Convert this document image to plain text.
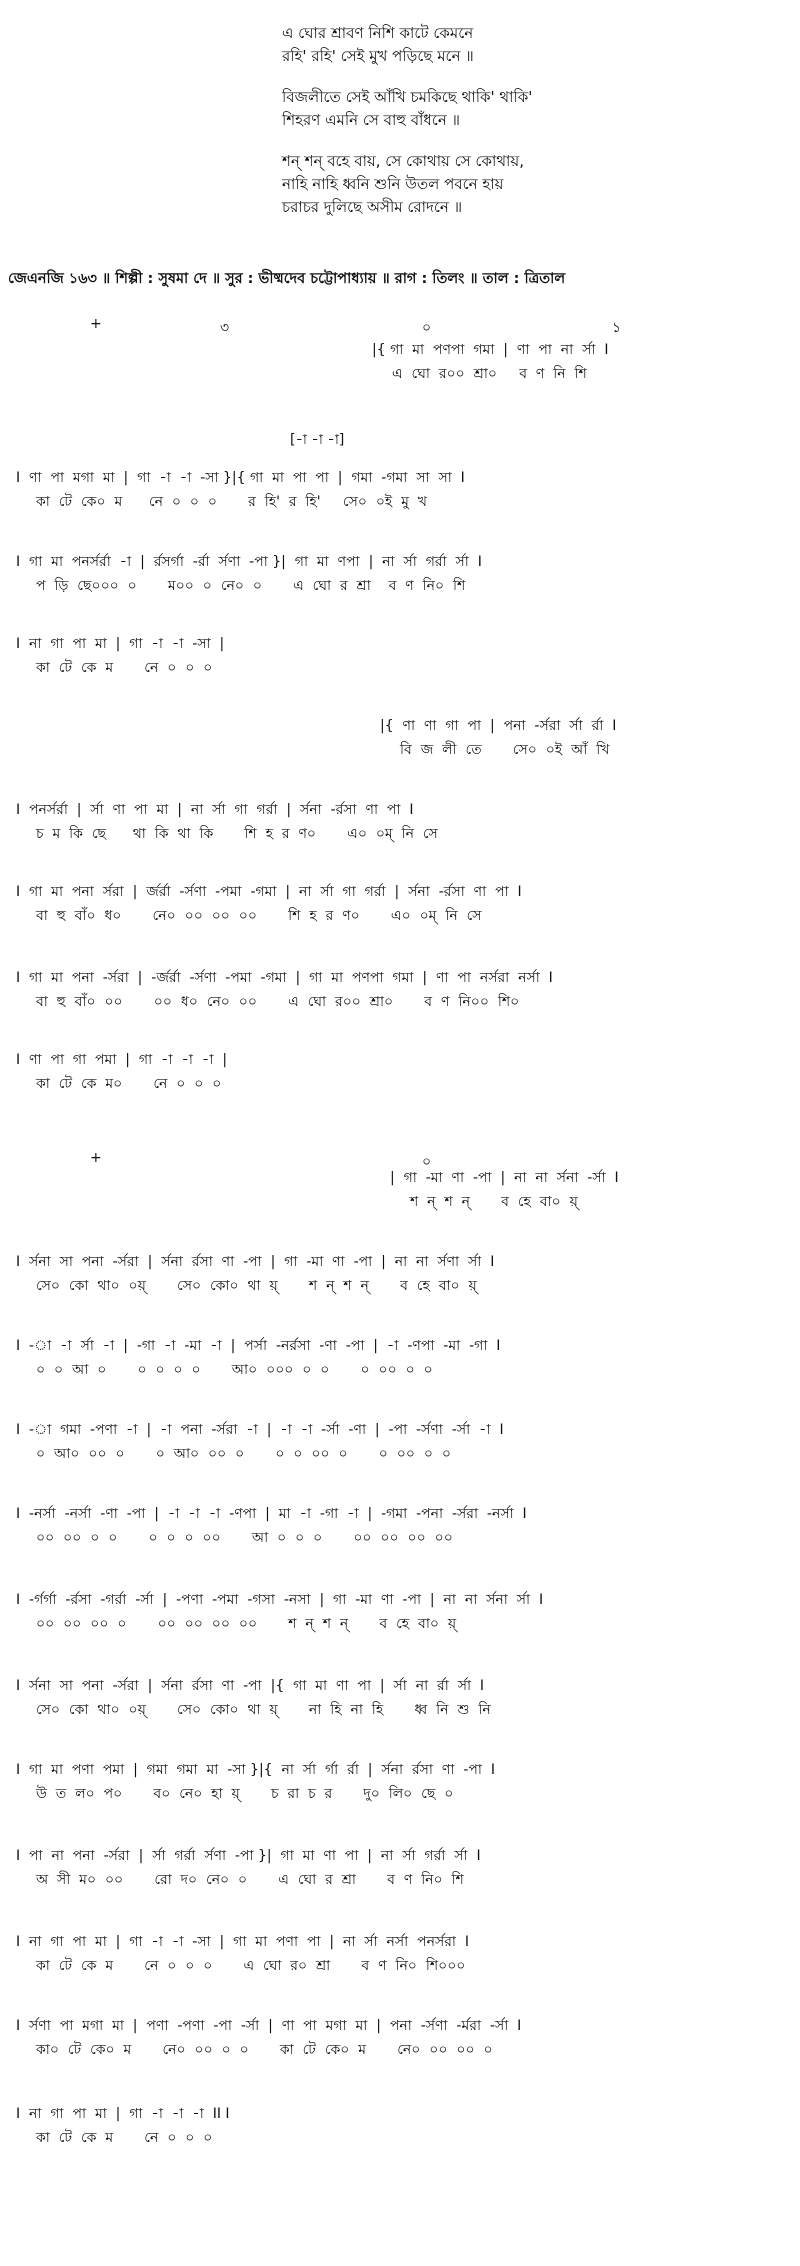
এ ঘোর শ্রাবণ নিশি কাটে কেমনে
রহি' রহি' সেই মুখ পড়িছে মনে ॥
বিজলীতে সেই আঁখি চমকিছে থাকি' থাকি'
শিহরণ এমনি সে বাহু বাঁধনে ॥
শন্‌ শন্‌ বহে বায়, সে কোথায় সে কোথায়,
নাহি নাহি ধ্বনি শুনি উতল পবনে হায়
চরাচর দুলিছে অসীম রোদনে ॥
জেএনজি ১৬৩ ॥ শিল্পী : সুষমা দে ॥ সুর : ভীষ্মদেব চট্টোপাধ্যায় ॥ রাগ : তিলং ॥ তাল : ত্রিতাল
+	৩	০	১
[-া -া -া]
+	০
|{ গা  মা  পণপা  গমা  |  ণা  পা  না  র্সা  I
এ  ঘো  র০০  শ্রা০     ব  ণ  নি  শি
I  ণা  পা  মগা  মা  |  গা  -া  -া  -সা }|{ গা  মা  পা  পা  |  গমা  -গমা  সা  সা  I
কা  টে  কে০  ম      নে  ০  ০  ০       র  হি'  র  হি'     সে০  ০ই  মু  খ
I  গা  মা  পনর্সর্রা  -া  |  র্রসর্গা  -র্রা  র্সণা  -পা }|  গা  মা  ণপা  |  না  র্সা  গর্রা  র্সা  I
প  ড়ি  ছে০০০  ০       ম০০  ০  নে০  ০       এ  ঘো  র  শ্রা    ব  ণ  নি০  শি
I  না  গা  পা  মা  |  গা  -া  -া  -সা  |
কা  টে  কে  ম       নে  ০  ০  ০
|{  ণা  ণা  গা  পা  |  পনা  -র্সরা  র্সা  র্রা  I
বি  জ  লী  তে       সে০  ০ই  আঁ  খি
I  পনর্সর্রা  |  র্সা  ণা  পা  মা  |  না  র্সা  গা  গর্রা  |  র্সনা  -র্রসা  ণা  পা  I
চ  ম  কি  ছে      থা  কি  থা  কি       শি  হ  র  ণ০       এ০  ০ম্‌  নি  সে
I  গা  মা  পনা  র্সরা  |  র্জর্রা  -র্সণা  -পমা  -গমা  |  না  র্সা  গা  গর্রা  |  র্সনা  -র্রসা  ণা  পা  I
বা  হু  বাঁ০  ধ০       নে০  ০০  ০০  ০০       শি  হ  র  ণ০       এ০  ০ম্‌  নি  সে
I  গা  মা  পনা  -র্সরা  |  -র্জর্রা  -র্সণা  -পমা  -গমা  |  গা  মা  পণপা  গমা  |  ণা  পা  নর্সরা  নর্সা  I
বা  হু  বাঁ০  ০০       ০০  ধ০  নে০  ০০       এ  ঘো  র০০  শ্রা০       ব  ণ  নি০০  শি০
I  ণা  পা  গা  পমা  |  গা  -া  -া  -া  |
কা  টে  কে  ম০       নে  ০  ০  ০
|  গা  -মা  ণা  -পা  |  না  না  র্সনা  -র্সা  I
শ  ন্‌  শ  ন্‌       ব  হে  বা০  য়্‌
I  র্সনা  সা  পনা  -র্সরা  |  র্সনা  র্রসা  ণা  -পা  |  গা  -মা  ণা  -পা  |  না  না  র্সণা  র্সা  I
সে০  কো  থা০  ০য়্‌       সে০  কো০  থা  য়্‌       শ  ন্‌  শ  ন্‌       ব  হে  বা০  য়্‌
I  -া  -া  র্সা  -া  |  -গা  -া  -মা  -া  |  পর্সা  -নর্রসা  -ণা  -পা  |  -া  -ণপা  -মা  -গা  I
০  ০  আ  ০       ০  ০  ০  ০       আ০  ০০০  ০  ০       ০  ০০  ০  ০
I  -া  গমা  -পণা  -া  |  -া  পনা  -র্সরা  -া  |  -া  -া  -র্সা  -ণা  |  -পা  -র্সণা  -র্সা  -া  I
০  আ০  ০০  ০       ০  আ০  ০০  ০       ০  ০  ০০  ০       ০  ০০  ০  ০
I  -নর্সা  -নর্সা  -ণা  -পা  |  -া  -া  -া  -ণপা  |  মা  -া  -গা  -া  |  -গমা  -পনা  -র্সরা  -নর্সা  I
০০  ০০  ০  ০       ০  ০  ০  ০০       আ  ০  ০  ০       ০০  ০০  ০০  ০০
I  -র্গর্গা  -র্রসা  -গর্রা  -র্সা  |  -পণা  -পমা  -গসা  -নসা  |  গা  -মা  ণা  -পা  |  না  না  র্সনা  র্সা  I
০০  ০০  ০০  ০       ০০  ০০  ০০  ০০       শ  ন্‌  শ  ন্‌       ব  হে  বা০  য়্‌
I  র্সনা  সা  পনা  -র্সরা  |  র্সনা  র্রসা  ণা  -পা  |{  গা  মা  ণা  পা  |  র্সা  না  র্রা  র্সা  I
সে০  কো  থা০  ০য়্‌       সে০  কো০  থা  য়্‌       না  হি  না  হি       ধ্ব  নি  শু  নি
I  গা  মা  পণা  পমা  |  গমা  গমা  মা  -সা }|{  না  র্সা  র্গা  র্রা  |  র্সনা  র্রসা  ণা  -পা  I
উ  ত  ল০  প০       ব০  নে০  হা  য়্‌       চ  রা  চ  র       দু০  লি০  ছে  ০
I  পা  না  পনা  -র্সরা  |  র্সা  গর্রা  র্সণা  -পা }|  গা  মা  ণা  পা  |  না  র্সা  গর্রা  র্সা  I
অ  সী  ম০  ০০       রো  দ০  নে০  ০       এ  ঘো  র  শ্রা       ব  ণ  নি০  শি
I  না  গা  পা  মা  |  গা  -া  -া  -সা  |  গা  মা  পণা  পা  |  না  র্সা  নর্সা  পনর্সরা  I
কা  টে  কে  ম       নে  ০  ০  ০       এ  ঘো  র০  শ্রা       ব  ণ  নি০  শি০০০
I  র্সণা  পা  মগা  মা  |  পণা  -পণা  -পা  -র্সা  |  ণা  পা  মগা  মা  |  পনা  -র্সণা  -র্মরা  -র্সা  I
কা০  টে  কে০  ম       নে০  ০০  ০  ০       কা  টে  কে০  ম       নে০  ০০  ০০  ০
I  না  গা  পা  মা  |  গা  -া  -া  -া  II I
কা  টে  কে  ম       নে  ০  ০  ০
